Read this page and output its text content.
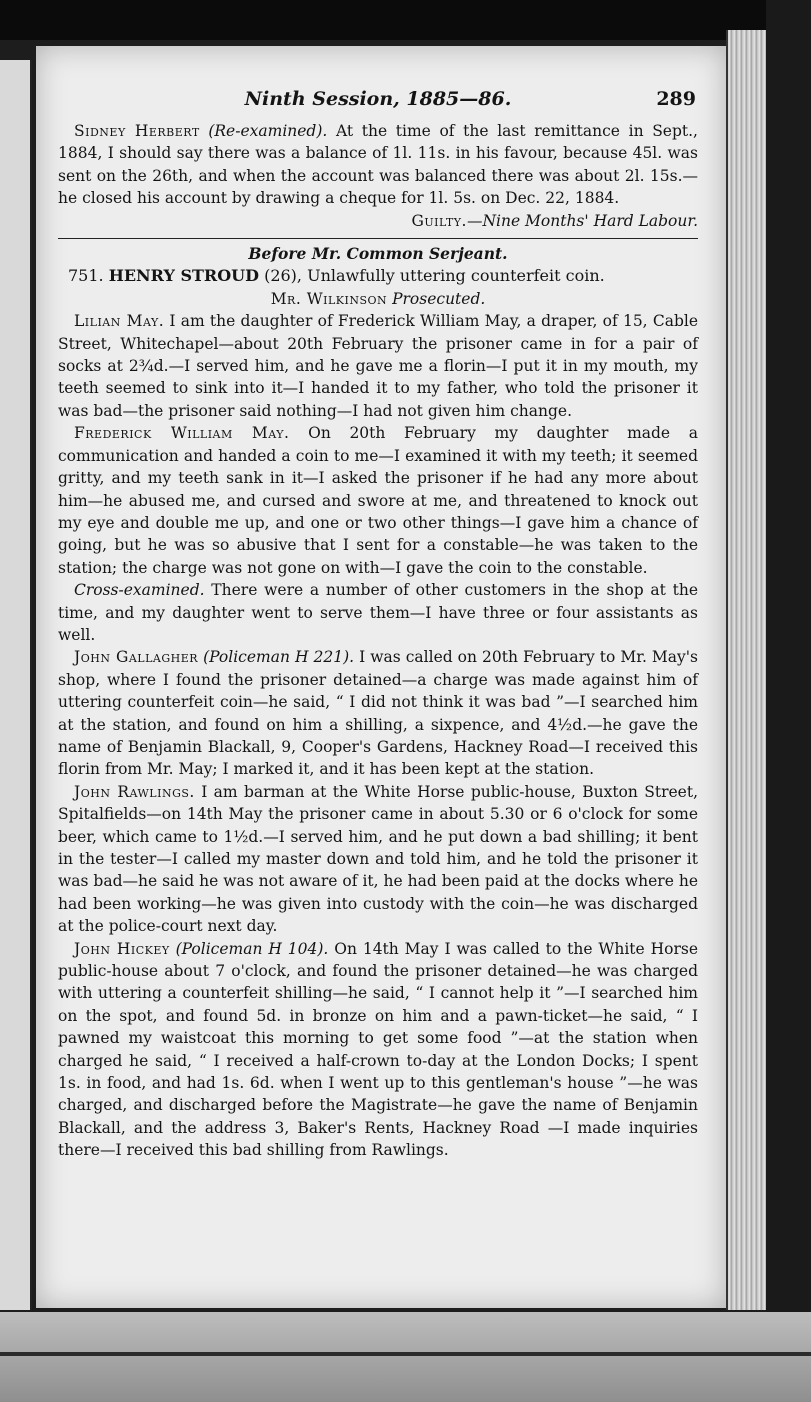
Ninth Session, 1885—86.	289

Sidney Herbert (Re-examined). At the time of the last remittance in Sept., 1884, I should say there was a balance of 1l. 11s. in his favour, because 45l. was sent on the 26th, and when the account was balanced there was about 2l. 15s.—he closed his account by drawing a cheque for 1l. 5s. on Dec. 22, 1884.
Guilty.—Nine Months' Hard Labour.

Before Mr. Common Serjeant.

751. HENRY STROUD (26), Unlawfully uttering counterfeit coin.

Mr. Wilkinson Prosecuted.

Lilian May. I am the daughter of Frederick William May, a draper, of 15, Cable Street, Whitechapel—about 20th February the prisoner came in for a pair of socks at 2¾d.—I served him, and he gave me a florin—I put it in my mouth, my teeth seemed to sink into it—I handed it to my father, who told the prisoner it was bad—the prisoner said nothing—I had not given him change.

Frederick William May. On 20th February my daughter made a communication and handed a coin to me—I examined it with my teeth; it seemed gritty, and my teeth sank in it—I asked the prisoner if he had any more about him—he abused me, and cursed and swore at me, and threatened to knock out my eye and double me up, and one or two other things—I gave him a chance of going, but he was so abusive that I sent for a constable—he was taken to the station; the charge was not gone on with—I gave the coin to the constable.

Cross-examined. There were a number of other customers in the shop at the time, and my daughter went to serve them—I have three or four assistants as well.

John Gallagher (Policeman H 221). I was called on 20th February to Mr. May's shop, where I found the prisoner detained—a charge was made against him of uttering counterfeit coin—he said, “ I did not think it was bad ”—I searched him at the station, and found on him a shilling, a sixpence, and 4½d.—he gave the name of Benjamin Blackall, 9, Cooper's Gardens, Hackney Road—I received this florin from Mr. May; I marked it, and it has been kept at the station.

John Rawlings. I am barman at the White Horse public-house, Buxton Street, Spitalfields—on 14th May the prisoner came in about 5.30 or 6 o'clock for some beer, which came to 1½d.—I served him, and he put down a bad shilling; it bent in the tester—I called my master down and told him, and he told the prisoner it was bad—he said he was not aware of it, he had been paid at the docks where he had been working—he was given into custody with the coin—he was discharged at the police-court next day.

John Hickey (Policeman H 104). On 14th May I was called to the White Horse public-house about 7 o'clock, and found the prisoner detained—he was charged with uttering a counterfeit shilling—he said, “ I cannot help it ”—I searched him on the spot, and found 5d. in bronze on him and a pawn-ticket—he said, “ I pawned my waistcoat this morning to get some food ”—at the station when charged he said, “ I received a half-crown to-day at the London Docks; I spent 1s. in food, and had 1s. 6d. when I went up to this gentleman's house ”—he was charged, and discharged before the Magistrate—he gave the name of Benjamin Blackall, and the address 3, Baker's Rents, Hackney Road —I made inquiries there—I received this bad shilling from Rawlings.
